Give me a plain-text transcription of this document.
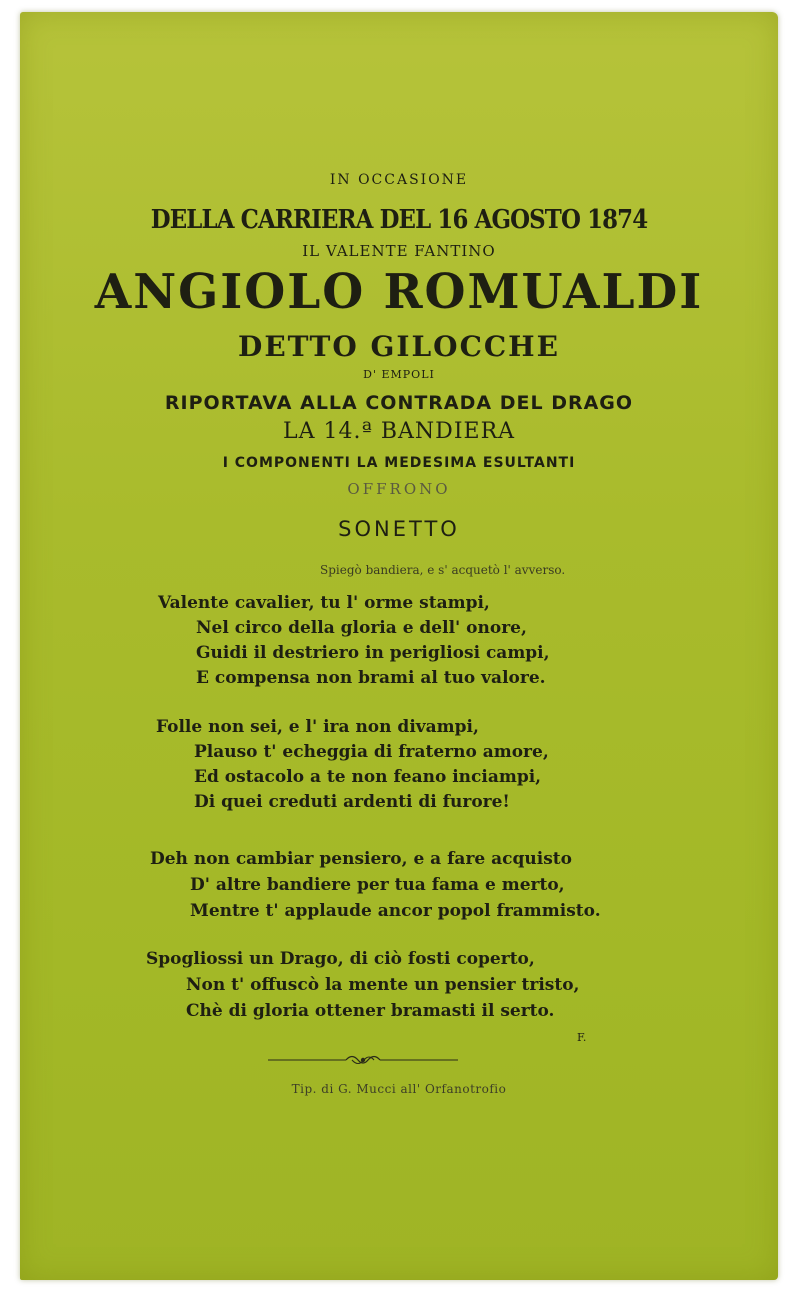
IN OCCASIONE
DELLA CARRIERA DEL 16 AGOSTO 1874
IL VALENTE FANTINO
ANGIOLO ROMUALDI
DETTO GILOCCHE
D' EMPOLI
RIPORTAVA ALLA CONTRADA DEL DRAGO
LA 14.ª BANDIERA
I COMPONENTI LA MEDESIMA ESULTANTI
OFFRONO
SONETTO
Spiegò bandiera, e s' acquetò l' avverso.
Valente cavalier, tu l' orme stampi,
Nel circo della gloria e dell' onore,
Guidi il destriero in perigliosi campi,
E compensa non brami al tuo valore.
Folle non sei, e l' ira non divampi,
Plauso t' echeggia di fraterno amore,
Ed ostacolo a te non feano inciampi,
Di quei creduti ardenti di furore!
Deh non cambiar pensiero, e a fare acquisto
D' altre bandiere per tua fama e merto,
Mentre t' applaude ancor popol frammisto.
Spogliossi un Drago, di ciò fosti coperto,
Non t' offuscò la mente un pensier tristo,
Chè di gloria ottener bramasti il serto.
F.
Tip. di G. Mucci all' Orfanotrofio
